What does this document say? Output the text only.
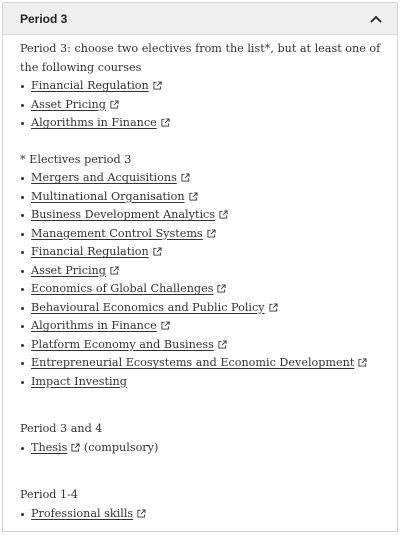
Period 3

Period 3: choose two electives from the list*, but at least one of the following courses

Financial Regulation
Asset Pricing
Algorithms in Finance

* Electives period 3

Mergers and Acquisitions
Multinational Organisation
Business Development Analytics
Management Control Systems
Financial Regulation
Asset Pricing
Economics of Global Challenges
Behavioural Economics and Public Policy
Algorithms in Finance
Platform Economy and Business
Entrepreneurial Ecosystems and Economic Development
Impact Investing

Period 3 and 4

Thesis (compulsory)

Period 1-4

Professional skills
